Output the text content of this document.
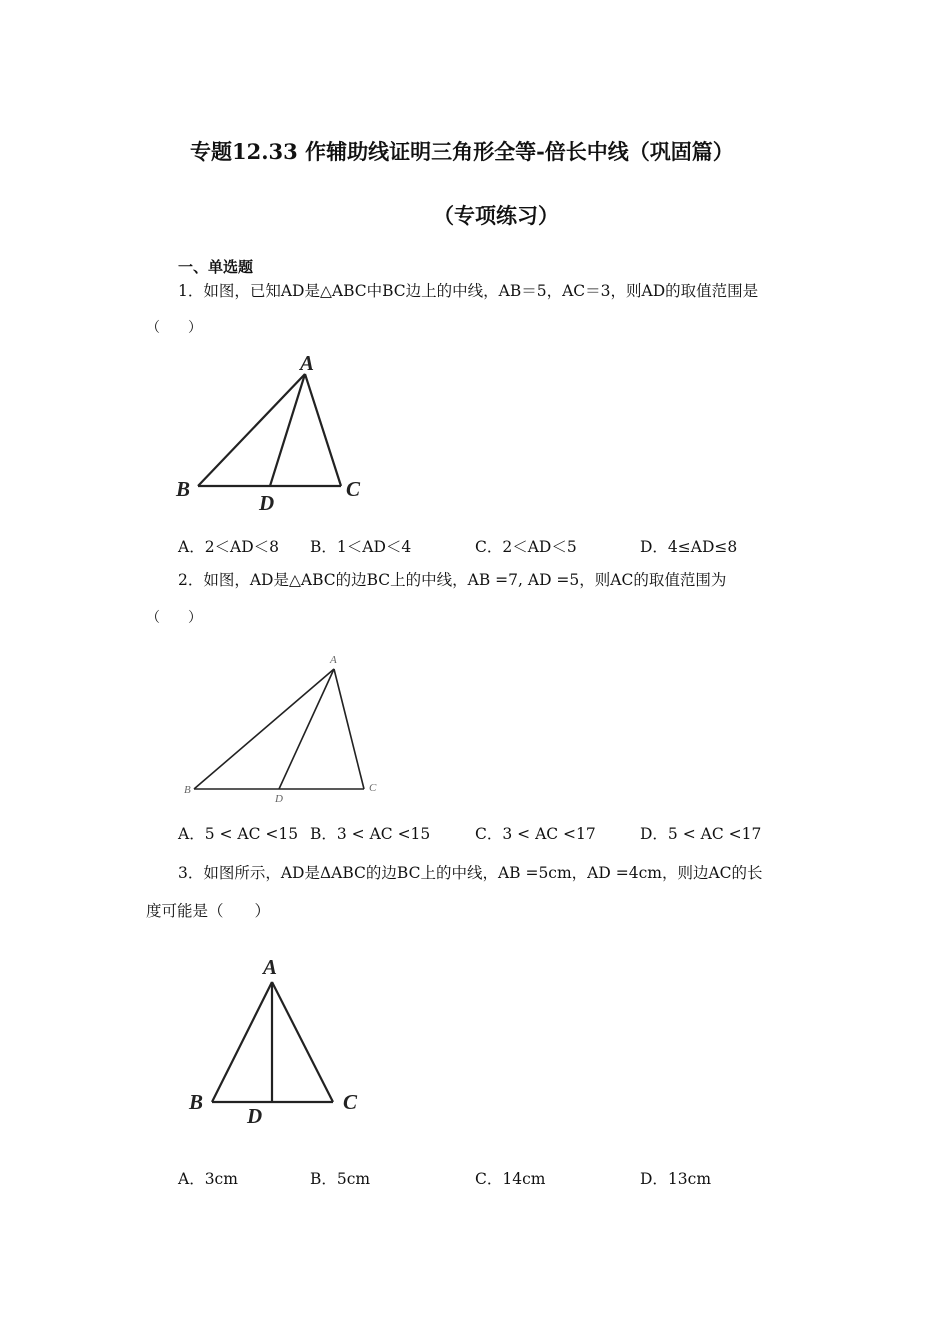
专题12.33 作辅助线证明三角形全等-倍长中线（巩固篇）
（专项练习）
一、单选题
1．如图，已知AD是△ABC中BC边上的中线，AB＝5，AC＝3，则AD的取值范围是
（　　）
A
B	C
D
A．2＜AD＜8 B．1＜AD＜4	C．2＜AD＜5	D．4≤AD≤8
2．如图，AD是△ABC的边BC上的中线，AB =7, AD =5，则AC的取值范围为
（　　）
A
B	C
D
A．5 < AC <15 B．3 < AC <15	C．3 < AC <17	D．5 < AC <17
3．如图所示，AD是ΔABC的边BC上的中线，AB =5cm，AD =4cm，则边AC的长
度可能是（　　）
A
B	C
D
A．3cm	B．5cm	C．14cm	D．13cm
